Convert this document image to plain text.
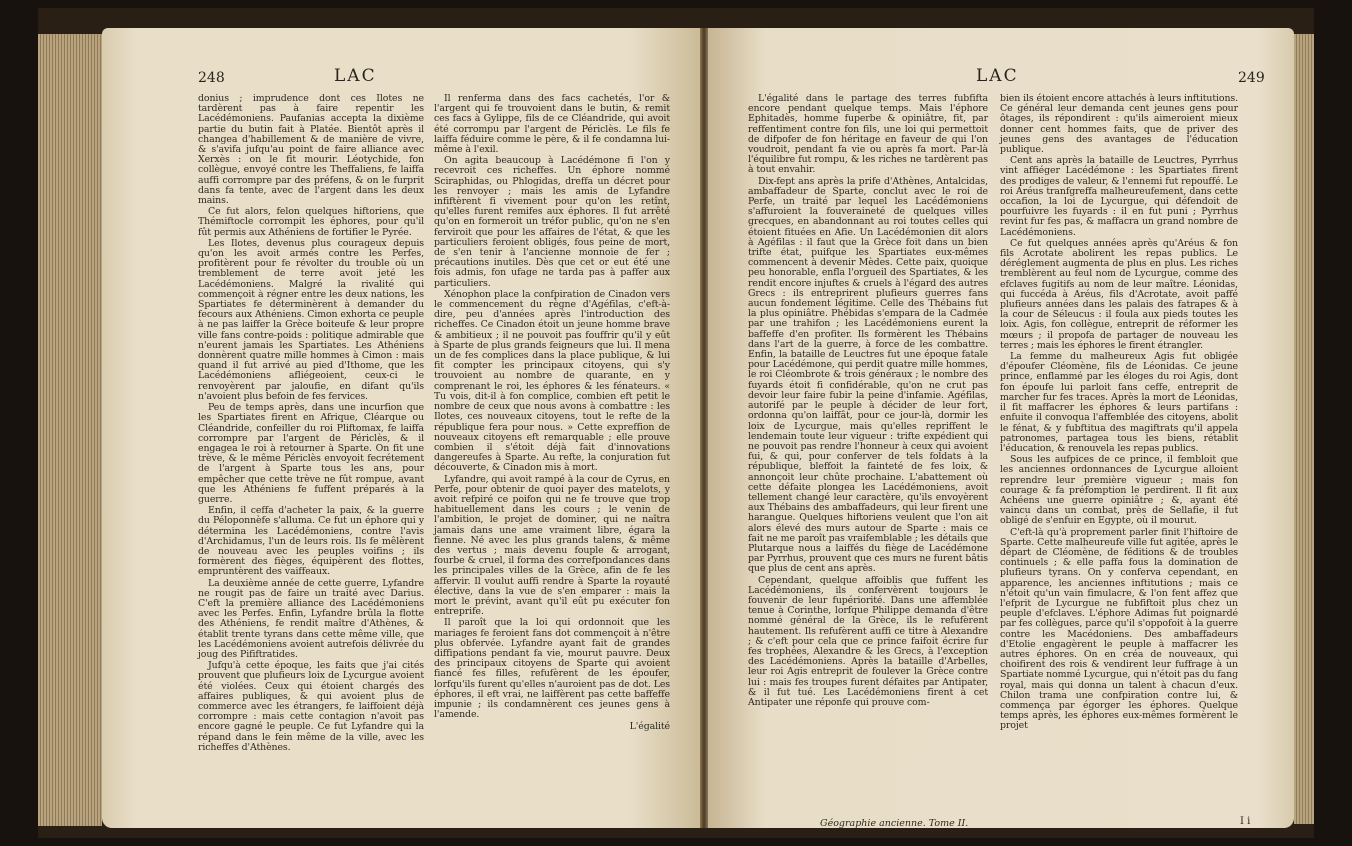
248	LAC

donius ; imprudence dont ces Ilotes ne tardèrent pas à faire repentir les Lacédémoniens. Paufanias accepta la dixième partie du butin fait à Platée. Bientôt après il changea d'habillement & de manière de vivre, & s'avifa jufqu'au point de faire alliance avec Xerxès : on le fit mourir. Léotychide, fon collègue, envoyé contre les Theffaliens, fe laiffa auffi corrompre par des préfens, & on le furprit dans fa tente, avec de l'argent dans les deux mains.

Ce fut alors, felon quelques hiftoriens, que Thémiftocle corrompit les éphores, pour qu'il fût permis aux Athéniens de fortifier le Pyrée.

Les Ilotes, devenus plus courageux depuis qu'on les avoit armés contre les Perfes, profitèrent pour fe révolter du trouble où un tremblement de terre avoit jeté les Lacédémoniens. Malgré la rivalité qui commençoit à régner entre les deux nations, les Spartiates fe déterminèrent à demander du fecours aux Athéniens. Cimon exhorta ce peuple à ne pas laiffer la Grèce boiteufe & leur propre ville fans contre-poids : politique admirable que n'eurent jamais les Spartiates. Les Athéniens donnèrent quatre mille hommes à Cimon : mais quand il fut arrivé au pied d'Ithome, que les Lacédémoniens afliégeoient, ceux-ci le renvoyèrent par jaloufie, en difant qu'ils n'avoient plus befoin de fes fervices.

Peu de temps après, dans une incurfion que les Spartiates firent en Afrique, Cléarque ou Cléandride, confeiller du roi Pliftomax, fe laiffa corrompre par l'argent de Périclès, & il engagea le roi à retourner à Sparte. On fit une trève, & le même Périclès envoyoit fecrétement de l'argent à Sparte tous les ans, pour empêcher que cette trève ne fût rompue, avant que les Athéniens fe fuffent préparés à la guerre.

Enfin, il ceffa d'acheter la paix, & la guerre du Péloponnèfe s'alluma. Ce fut un éphore qui y détermina les Lacédémoniens, contre l'avis d'Archidamus, l'un de leurs rois. Ils fe mêlèrent de nouveau avec les peuples voifins ; ils formèrent des fièges, équipèrent des flottes, empruntèrent des vaiffeaux.

La deuxième année de cette guerre, Lyfandre ne rougit pas de faire un traité avec Darius. C'eft la première alliance des Lacédémoniens avec les Perfes. Enfin, Lyfandre brûla la flotte des Athéniens, fe rendit maître d'Athènes, & établit trente tyrans dans cette même ville, que les Lacédémoniens avoient autrefois délivrée du joug des Pififtratides.

Jufqu'à cette époque, les faits que j'ai cités prouvent que plufieurs loix de Lycurgue avoient été violées. Ceux qui étoient chargés des affaires publiques, & qui avoient plus de commerce avec les étrangers, fe laiffoient déjà corrompre : mais cette contagion n'avoit pas encore gagné le peuple. Ce fut Lyfandre qui la répand dans le fein même de la ville, avec les richeffes d'Athènes.

Il renferma dans des facs cachetés, l'or & l'argent qui fe trouvoient dans le butin, & remit ces facs à Gylippe, fils de ce Cléandride, qui avoit été corrompu par l'argent de Périclès. Le fils fe laiffa féduire comme le père, & il fe condamna lui-même à l'exil.

On agita beaucoup à Lacédémone fi l'on y recevroit ces richeffes. Un éphore nommé Sciraphidas, ou Phlogidas, dreffa un décret pour les renvoyer ; mais les amis de Lyfandre infiftèrent fi vivement pour qu'on les retînt, qu'elles furent remifes aux éphores. Il fut arrêté qu'on en formeroit un tréfor public, qu'on ne s'en ferviroit que pour les affaires de l'état, & que les particuliers feroient obligés, fous peine de mort, de s'en tenir à l'ancienne monnoie de fer ; précautions inutiles. Dès que cet or eut été une fois admis, fon ufage ne tarda pas à paffer aux particuliers.

Xénophon place la confpiration de Cinadon vers le commencement du règne d'Agéfilas, c'eft-à-dire, peu d'années après l'introduction des richeffes. Ce Cinadon étoit un jeune homme brave & ambitieux ; il ne pouvoit pas fouffrir qu'il y eût à Sparte de plus grands feigneurs que lui. Il mena un de fes complices dans la place publique, & lui fit compter les principaux citoyens, qui s'y trouvoient au nombre de quarante, en y comprenant le roi, les éphores & les fénateurs. « Tu vois, dit-il à fon complice, combien eft petit le nombre de ceux que nous avons à combattre : les Ilotes, ces nouveaux citoyens, tout le refte de la république fera pour nous. » Cette expreffion de nouveaux citoyens eft remarquable ; elle prouve combien il s'étoit déjà fait d'innovations dangereufes à Sparte. Au refte, la conjuration fut découverte, & Cinadon mis à mort.

Lyfandre, qui avoit rampé à la cour de Cyrus, en Perfe, pour obtenir de quoi payer des matelots, y avoit refpiré ce poifon qui ne fe trouve que trop habituellement dans les cours ; le venin de l'ambition, le projet de dominer, qui ne naîtra jamais dans une ame vraiment libre, égara la fienne. Né avec les plus grands talens, & même des vertus ; mais devenu fouple & arrogant, fourbe & cruel, il forma des correfpondances dans les principales villes de la Grèce, afin de fe les affervir. Il voulut auffi rendre à Sparte la royauté élective, dans la vue de s'en emparer : mais la mort le prévint, avant qu'il eût pu exécuter fon entreprife.

Il paroît que la loi qui ordonnoit que les mariages fe feroient fans dot commençoit à n'être plus obfervée. Lyfandre ayant fait de grandes diffipations pendant fa vie, mourut pauvre. Deux des principaux citoyens de Sparte qui avoient fiancé fes filles, refufèrent de les époufer, lorfqu'ils furent qu'elles n'auroient pas de dot. Les éphores, il eft vrai, ne laiffèrent pas cette baffeffe impunie ; ils condamnèrent ces jeunes gens à l'amende.

L'égalité
LAC	249

L'égalité dans le partage des terres fubfifta encore pendant quelque temps. Mais l'éphore Ephitadès, homme fuperbe & opiniâtre, fit, par reffentiment contre fon fils, une loi qui permettoit de difpofer de fon héritage en faveur de qui l'on voudroit, pendant fa vie ou après fa mort. Par-là l'équilibre fut rompu, & les riches ne tardèrent pas à tout envahir.

Dix-fept ans après la prife d'Athènes, Antalcidas, ambaffadeur de Sparte, conclut avec le roi de Perfe, un traité par lequel les Lacédémoniens s'affuroient la fouveraineté de quelques villes grecques, en abandonnant au roi toutes celles qui étoient fituées en Afie. Un Lacédémonien dit alors à Agéfilas : il faut que la Grèce foit dans un bien trifte état, puifque les Spartiates eux-mêmes commencent à devenir Mèdes. Cette paix, quoique peu honorable, enfla l'orgueil des Spartiates, & les rendit encore injuftes & cruels à l'égard des autres Grecs : ils entreprirent plufieurs guerres fans aucun fondement légitime. Celle des Thébains fut la plus opiniâtre. Phébidas s'empara de la Cadmée par une trahifon ; les Lacédémoniens eurent la baffeffe d'en profiter. Ils formèrent les Thébains dans l'art de la guerre, à force de les combattre. Enfin, la bataille de Leuctres fut une époque fatale pour Lacédémone, qui perdit quatre mille hommes, le roi Cléombrote & trois généraux ; le nombre des fuyards étoit fi confidérable, qu'on ne crut pas devoir leur faire fubir la peine d'infamie. Agéfilas, autorifé par le peuple à décider de leur fort, ordonna qu'on laiffât, pour ce jour-là, dormir les loix de Lycurgue, mais qu'elles repriffent le lendemain toute leur vigueur : trifte expédient qui ne pouvoit pas rendre l'honneur à ceux qui avoient fui, & qui, pour conferver de tels foldats à la république, bleffoit la fainteté de fes loix, & annonçoit leur chûte prochaine. L'abattement où cette défaite plongea les Lacédémoniens, avoit tellement changé leur caractère, qu'ils envoyèrent aux Thébains des ambaffadeurs, qui leur firent une harangue. Quelques hiftoriens veulent que l'on ait alors élevé des murs autour de Sparte : mais ce fait ne me paroît pas vraifemblable ; les détails que Plutarque nous a laiffés du fiège de Lacédémone par Pyrrhus, prouvent que ces murs ne furent bâtis que plus de cent ans après.

Cependant, quelque affoiblis que fuffent les Lacédémoniens, ils confervèrent toujours le fouvenir de leur fupériorité. Dans une affemblée tenue à Corinthe, lorfque Philippe demanda d'être nommé général de la Grèce, ils le refufèrent hautement. Ils refufèrent auffi ce titre à Alexandre ; & c'eft pour cela que ce prince faifoit écrire fur fes trophées, Alexandre & les Grecs, à l'exception des Lacédémoniens. Après la bataille d'Arbelles, leur roi Agis entreprit de foulever la Grèce contre lui : mais fes troupes furent défaites par Antipater, & il fut tué. Les Lacédémoniens firent à cet Antipater une réponfe qui prouve com-

bien ils étoient encore attachés à leurs inftitutions. Ce général leur demanda cent jeunes gens pour ôtages, ils répondirent : qu'ils aimeroient mieux donner cent hommes faits, que de priver des jeunes gens des avantages de l'éducation publique.

Cent ans après la bataille de Leuctres, Pyrrhus vint affiéger Lacédémone : les Spartiates firent des prodiges de valeur, & l'ennemi fut repouffé. Le roi Aréus tranfgreffa malheureufement, dans cette occafion, la loi de Lycurgue, qui défendoit de pourfuivre les fuyards : il en fut puni ; Pyrrhus revint fur fes pas, & maffacra un grand nombre de Lacédémoniens.

Ce fut quelques années après qu'Aréus & fon fils Acrotate abolirent les repas publics. Le déréglement augmenta de plus en plus. Les riches tremblèrent au feul nom de Lycurgue, comme des efclaves fugitifs au nom de leur maître. Léonidas, qui fuccéda à Aréus, fils d'Acrotate, avoit paffé plufieurs années dans les palais des fatrapes & à la cour de Séleucus : il foula aux pieds toutes les loix. Agis, fon collègue, entreprit de réformer les mœurs ; il propofa de partager de nouveau les terres ; mais les éphores le firent étrangler.

La femme du malheureux Agis fut obligée d'époufer Cléomène, fils de Léonidas. Ce jeune prince, enflammé par les éloges du roi Agis, dont fon époufe lui parloit fans ceffe, entreprit de marcher fur fes traces. Après la mort de Léonidas, il fit maffacrer les éphores & leurs partifans : enfuite il convoqua l'affemblée des citoyens, abolit le fénat, & y fubftitua des magiftrats qu'il appela patronomes, partagea tous les biens, rétablit l'éducation, & renouvela les repas publics.

Sous les aufpices de ce prince, il fembloit que les anciennes ordonnances de Lycurgue alloient reprendre leur première vigueur ; mais fon courage & fa préfomption le perdirent. Il fit aux Achéens une guerre opiniâtre ; &, ayant été vaincu dans un combat, près de Sellafie, il fut obligé de s'enfuir en Egypte, où il mourut.

C'eft-là qu'à proprement parler finit l'hiftoire de Sparte. Cette malheureufe ville fut agitée, après le départ de Cléomène, de féditions & de troubles continuels ; & elle paffa fous la domination de plufieurs tyrans. On y conferva cependant, en apparence, les anciennes inftitutions ; mais ce n'étoit qu'un vain fimulacre, & l'on fent affez que l'efprit de Lycurgue ne fubfiftoit plus chez un peuple d'efclaves. L'éphore Adimas fut poignardé par fes collègues, parce qu'il s'oppofoit à la guerre contre les Macédoniens. Des ambaffadeurs d'Etolie engagèrent le peuple à maffacrer les autres éphores. On en créa de nouveaux, qui choifirent des rois & vendirent leur fuffrage à un Spartiate nommé Lycurgue, qui n'étoit pas du fang royal, mais qui donna un talent à chacun d'eux. Chilon trama une confpiration contre lui, & commença par égorger les éphores. Quelque temps après, les éphores eux-mêmes formèrent le projet

Géographie ancienne. Tome II.	I i
